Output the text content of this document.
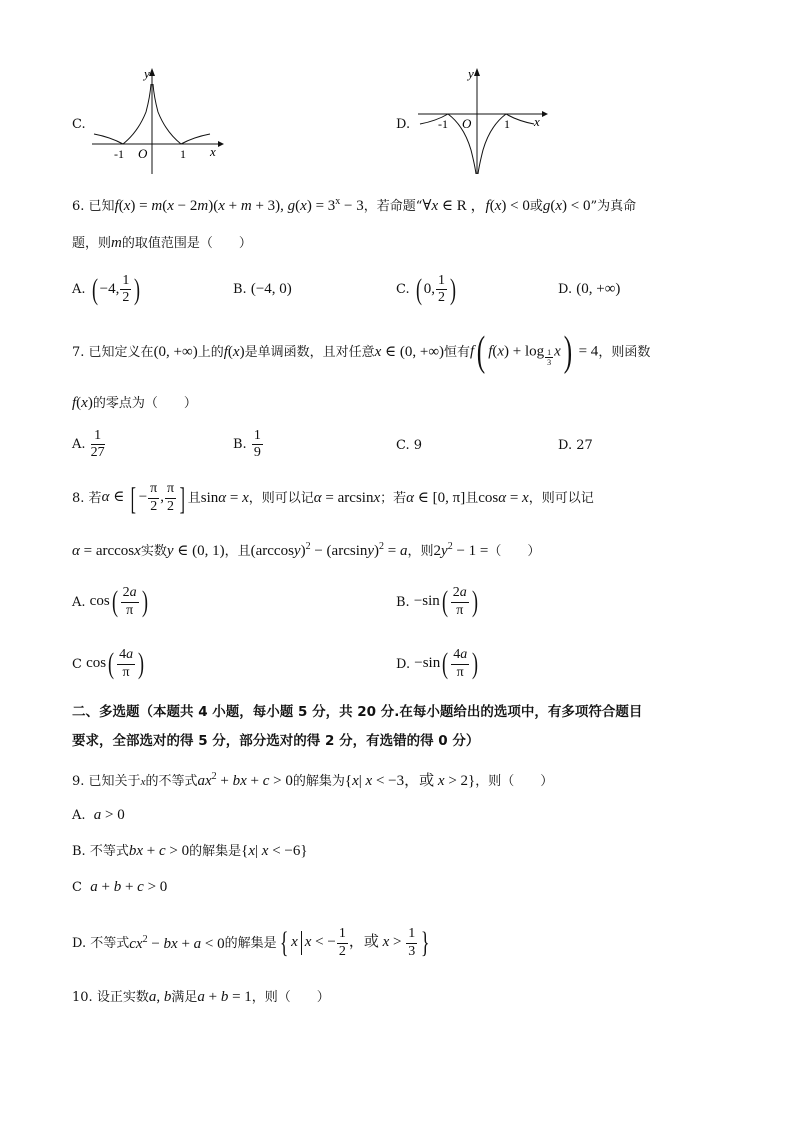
C.
y
x
O
-1	1
D.
y
x
O
-1	1
6. 已知f(x) = m(x − 2m)(x + m + 3), $g(x) = 3^x - 3$，若命题“∀x ∈ R ，f(x) < 0或g(x) < 0”为真命
题，则m的取值范围是（　　）
A. ( −4, $\frac{1}{2}$ )	B. (−4, 0)	C. ( 0, $\frac{1}{2}$ )	D. (0, +∞)
7.
已知定义在 (0, +∞) 上的 f(x) 是单调函数，且对任意 x ∈ (0, +∞) 恒有 f( f(x) + log $_{\frac{1}{3}}$ x) = 4 ，则函数
f(x)的零点为（　　）
A.
$\frac{1}{27}$	B.
$\frac{1}{9}$	C. 9	D. 27
8.
若 α ∈ [ − $\frac{\pi}{2}$ , $\frac{\pi}{2}$ ] 且 sinα = x ，则可以记 α = arcsinx ；若 α ∈ [0, π] 且 cosα = x ，则可以记
α = arccosx实数y ∈ (0, 1)，且$(\arccos y)^2 - (\arcsin y)^2 = a$，则$2y^2 - 1$ =（　　）
A.
$\cos( \frac{2a}{\pi}$ )	B.
$-\sin( \frac{2a}{\pi}$ )
C
$\cos( \frac{4a}{\pi}$ )	D.
$-\sin( \frac{4a}{\pi}$ )
二、多选题（本题共 4 小题，每小题 5 分，共 20 分.在每小题给出的选项中，有多项符合题目
要求，全部选对的得 5 分，部分选对的得 2 分，有选错的得 0 分）
9. 已知关于x的不等式$ax^2$ + bx + c > 0的解集为{x| x < −3，或 x > 2}，则（　　）
A. a > 0
B. 不等式bx + c > 0的解集是{x| x < −6}
C a + b + c > 0
D. 不等式 $cx^2$ − bx + a < 0 的解集是 { x x < − $\frac{1}{2}$ ，或 $x > \frac{1}{3}$ }
10. 设正实数a, b满足a + b = 1，则（　　）
